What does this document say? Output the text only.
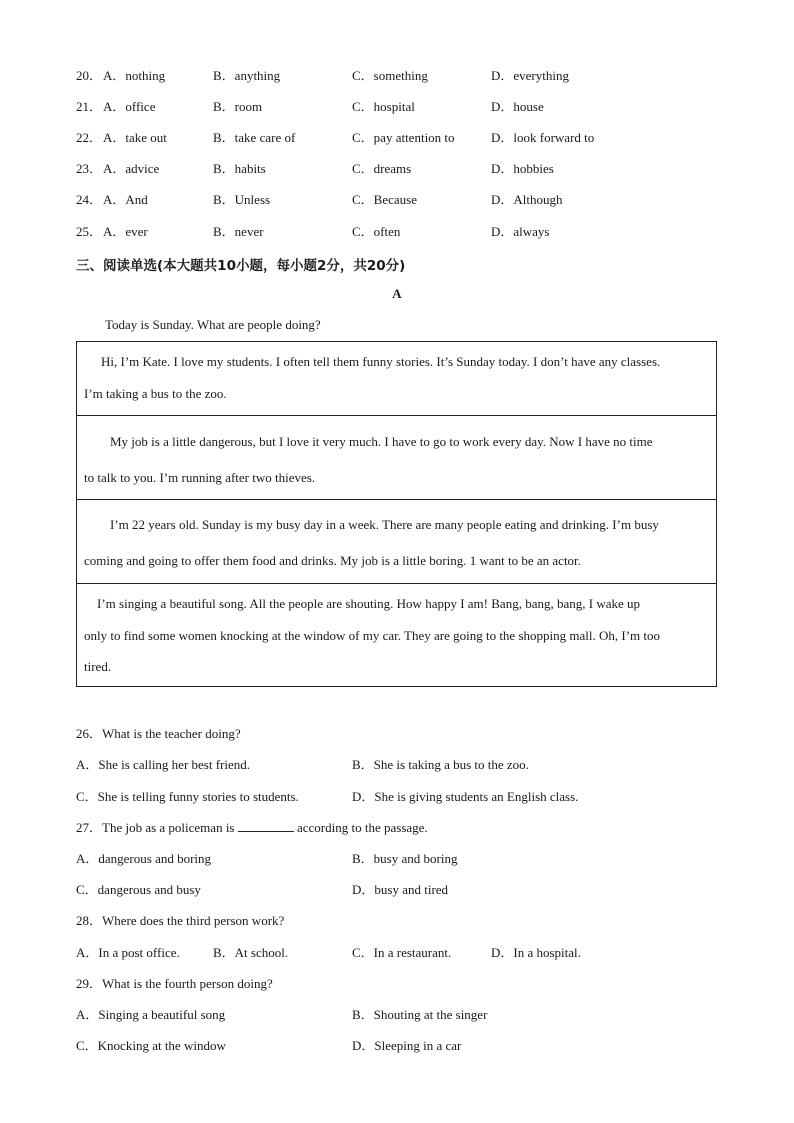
20． A．nothing	B．anything	C．something	D．everything
21． A．office	B．room	C．hospital	D．house
22． A．take out	B．take care of	C．pay attention to	D．look forward to
23． A．advice	B．habits	C．dreams	D．hobbies
24． A．And	B．Unless	C．Because	D．Although
25． A．ever	B．never	C．often	D．always
三、阅读单选(本大题共10小题，每小题2分，共20分)
A
Today is Sunday. What are people doing?
Hi, I’m Kate. I love my students. I often tell them funny stories. It’s Sunday today. I don’t have any classes.
I’m taking a bus to the zoo.
My job is a little dangerous, but I love it very much. I have to go to work every day. Now I have no time
to talk to you. I’m running after two thieves.
I’m 22 years old. Sunday is my busy day in a week. There are many people eating and drinking. I’m busy
coming and going to offer them food and drinks. My job is a little boring. 1 want to be an actor.
I’m singing a beautiful song. All the people are shouting. How happy I am! Bang, bang, bang, I wake up
only to find some women knocking at the window of my car. They are going to the shopping mall. Oh, I’m too
tired.
26．What is the teacher doing?
A．She is calling her best friend.	B．She is taking a bus to the zoo.
C．She is telling funny stories to students.	D．She is giving students an English class.
27．The job as a policeman is	according to the passage.
A．dangerous and boring	B．busy and boring
C．dangerous and busy	D．busy and tired
28．Where does the third person work?
A．In a post office.	B．At school.	C．In a restaurant.	D．In a hospital.
29．What is the fourth person doing?
A．Singing a beautiful song	B．Shouting at the singer
C．Knocking at the window	D．Sleeping in a car
